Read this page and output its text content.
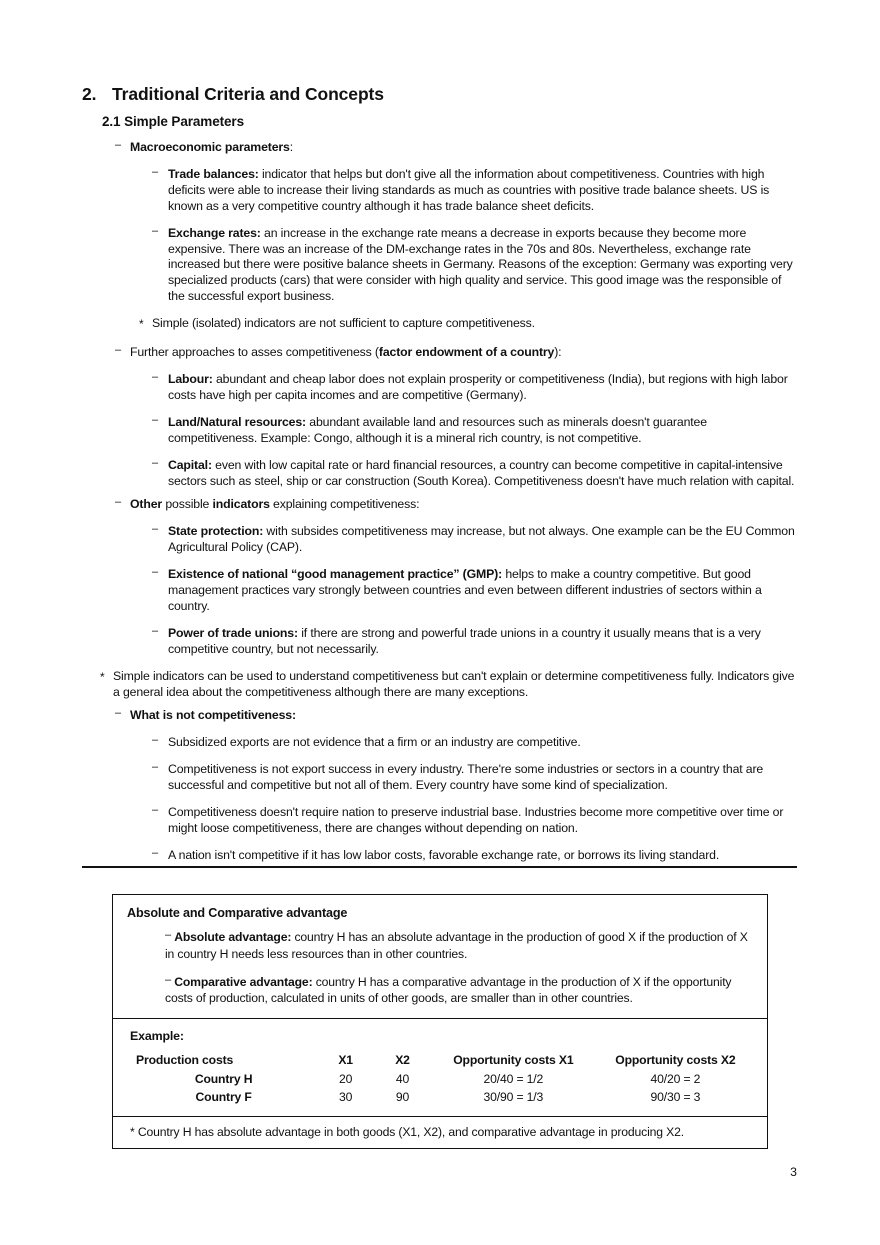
2. Traditional Criteria and Concepts
2.1 Simple Parameters
–
Macroeconomic parameters:
–
Trade balances: indicator that helps but don't give all the information about competitiveness. Countries with high deficits were able to increase their living standards as much as countries with positive trade balance sheets. US is known as a very competitive country although it has trade balance sheet deficits.
–
Exchange rates: an increase in the exchange rate means a decrease in exports because they become more expensive. There was an increase of the DM-exchange rates in the 70s and 80s. Nevertheless, exchange rate increased but there were positive balance sheets in Germany. Reasons of the exception: Germany was exporting very specialized products (cars) that were consider with high quality and service. This good image was the responsible of the successful export business.
*
Simple (isolated) indicators are not sufficient to capture competitiveness.
–
Further approaches to asses competitiveness (factor endowment of a country):
–
Labour: abundant and cheap labor does not explain prosperity or competitiveness (India), but regions with high labor costs have high per capita incomes and are competitive (Germany).
–
Land/Natural resources: abundant available land and resources such as minerals doesn't guarantee competitiveness. Example: Congo, although it is a mineral rich country, is not competitive.
–
Capital: even with low capital rate or hard financial resources, a country can become competitive in capital-intensive sectors such as steel, ship or car construction (South Korea). Competitiveness doesn't have much relation with capital.
–
Other possible indicators explaining competitiveness:
–
State protection: with subsides competitiveness may increase, but not always. One example can be the EU Common Agricultural Policy (CAP).
–
Existence of national “good management practice” (GMP): helps to make a country competitive. But good management practices vary strongly between countries and even between different industries of sectors within a country.
–
Power of trade unions: if there are strong and powerful trade unions in a country it usually means that is a very competitive country, but not necessarily.
*
Simple indicators can be used to understand competitiveness but can't explain or determine competitiveness fully. Indicators give a general idea about the competitiveness although there are many exceptions.
–
What is not competitiveness:
–
Subsidized exports are not evidence that a firm or an industry are competitive.
–
Competitiveness is not export success in every industry. There're some industries or sectors in a country that are successful and competitive but not all of them. Every country have some kind of specialization.
–
Competitiveness doesn't require nation to preserve industrial base. Industries become more competitive over time or might loose competitiveness, there are changes without depending on nation.
–
A nation isn't competitive if it has low labor costs, favorable exchange rate, or borrows its living standard.
Absolute and Comparative advantage
– Absolute advantage: country H has an absolute advantage in the production of good X if the production of X in country H needs less resources than in other countries.
– Comparative advantage: country H has a comparative advantage in the production of X if the opportunity costs of production, calculated in units of other goods, are smaller than in other countries.
Example:
Production costs	X1	X2	Opportunity costs X1	Opportunity costs X2
Country H	20	40	20/40 = 1/2	40/20 = 2
Country F	30	90	30/90 = 1/3	90/30 = 3
* Country H has absolute advantage in both goods (X1, X2), and comparative advantage in producing X2.
3
